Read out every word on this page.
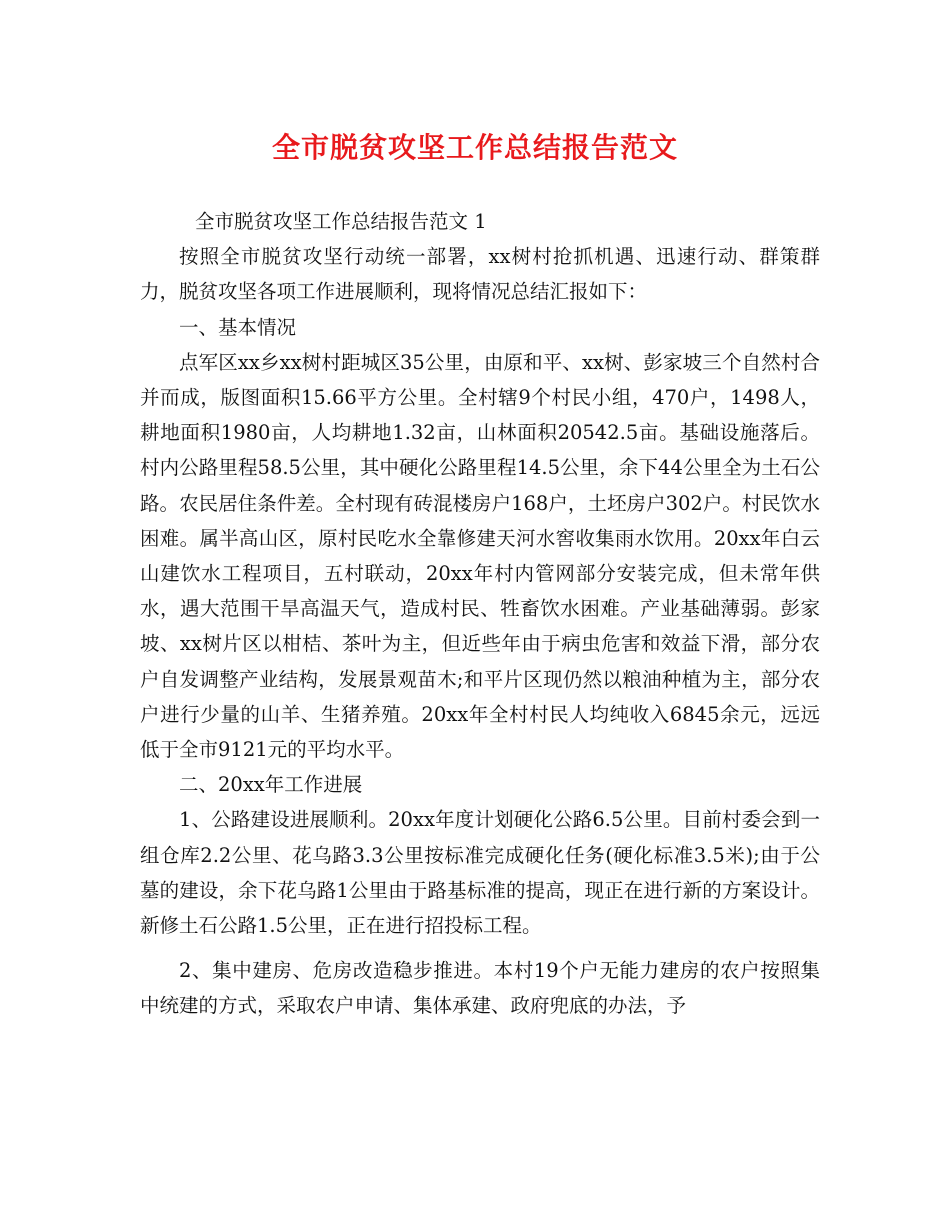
全市脱贫攻坚工作总结报告范文

全市脱贫攻坚工作总结报告范文 1

按照全市脱贫攻坚行动统一部署，xx树村抢抓机遇、迅速行动、群策群力，脱贫攻坚各项工作进展顺利，现将情况总结汇报如下：

一、基本情况

点军区xx乡xx树村距城区35公里，由原和平、xx树、彭家坡三个自然村合并而成，版图面积15.66平方公里。全村辖9个村民小组，470户，1498人，耕地面积1980亩，人均耕地1.32亩，山林面积20542.5亩。基础设施落后。村内公路里程58.5公里，其中硬化公路里程14.5公里，余下44公里全为土石公路。农民居住条件差。全村现有砖混楼房户168户，土坯房户302户。村民饮水困难。属半高山区，原村民吃水全靠修建天河水窖收集雨水饮用。20xx年白云山建饮水工程项目，五村联动，20xx年村内管网部分安装完成，但未常年供水，遇大范围干旱高温天气，造成村民、牲畜饮水困难。产业基础薄弱。彭家坡、xx树片区以柑桔、茶叶为主，但近些年由于病虫危害和效益下滑，部分农户自发调整产业结构，发展景观苗木;和平片区现仍然以粮油种植为主，部分农户进行少量的山羊、生猪养殖。20xx年全村村民人均纯收入6845余元，远远低于全市9121元的平均水平。

二、20xx年工作进展

1、公路建设进展顺利。20xx年度计划硬化公路6.5公里。目前村委会到一组仓库2.2公里、花乌路3.3公里按标准完成硬化任务(硬化标准3.5米);由于公墓的建设，余下花乌路1公里由于路基标准的提高，现正在进行新的方案设计。新修土石公路1.5公里，正在进行招投标工程。

2、集中建房、危房改造稳步推进。本村19个户无能力建房的农户按照集中统建的方式，采取农户申请、集体承建、政府兜底的办法，予
